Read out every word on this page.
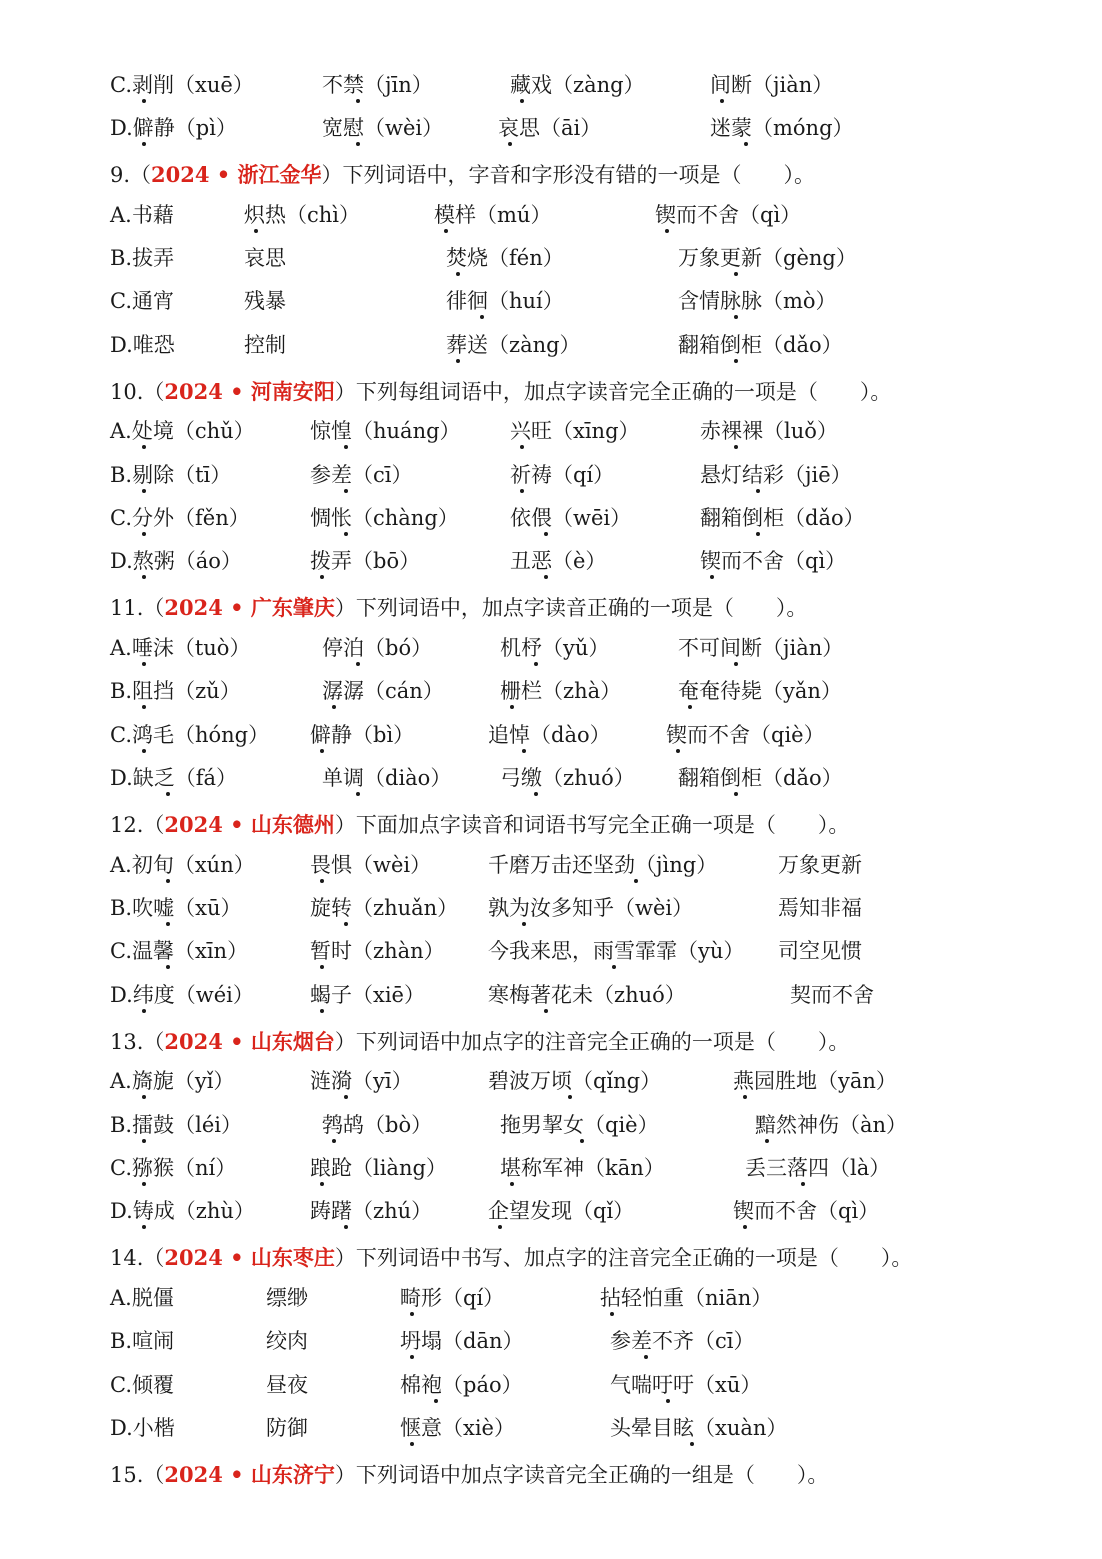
C.剥削（xuē）	不禁（jīn）	藏戏（zàng）	间断（jiàn）
D.僻静（pì）	宽慰（wèi）	哀思（āi）	迷蒙（móng）
9.（2024 • 浙江金华）下列词语中，字音和字形没有错的一项是（　　）。
A.书藉	炽热（chì）	模样（mú）	锲而不舍（qì）
B.拔弄	哀思	焚烧（fén）	万象更新（gèng）
C.通宵	残暴	徘徊（huí）	含情脉脉（mò）
D.唯恐	控制	葬送（zàng）	翻箱倒柜（dǎo）
10.（2024 • 河南安阳）下列每组词语中，加点字读音完全正确的一项是（　　）。
A.处境（chǔ）	惊惶（huáng） 兴旺（xīng）	赤裸裸（luǒ）
B.剔除（tī）	参差（cī）	祈祷（qí）	悬灯结彩（jiē）
C.分外（fěn）	惆怅（chàng） 依偎（wēi）	翻箱倒柜（dǎo）
D.熬粥（áo）	拨弄（bō）	丑恶（è）	锲而不舍（qì）
11.（2024 • 广东肇庆）下列词语中，加点字读音正确的一项是（　　）。
A.唾沫（tuò）	停泊（bó）	机杼（yǔ）	不可间断（jiàn）
B.阻挡（zǔ）	潺潺（cán）	栅栏（zhà）	奄奄待毙（yǎn）
C.鸿毛（hóng） 僻静（bì）	追悼（dào）	锲而不舍（qiè）
D.缺乏（fá）	单调（diào） 弓缴（zhuó） 翻箱倒柜（dǎo）
12.（2024 • 山东德州）下面加点字读音和词语书写完全正确一项是（　　）。
A.初旬（xún）	畏惧（wèi）	千磨万击还坚劲（jìng）	万象更新
B.吹嘘（xū）	旋转（zhuǎn） 孰为汝多知乎（wèi）	焉知非福
C.温馨（xīn）	暂时（zhàn） 今我来思，雨雪霏霏（yù） 司空见惯
D.纬度（wéi）	蝎子（xiē）	寒梅著花未（zhuó）	契而不舍
13.（2024 • 山东烟台）下列词语中加点字的注音完全正确的一项是（　　）。
A.旖旎（yǐ）	涟漪（yī）	碧波万顷（qǐng）	燕园胜地（yān）
B.擂鼓（léi）	鹁鸪（bò）	拖男挈女（qiè）	黯然神伤（àn）
C.猕猴（ní）	踉跄（liàng）	堪称军神（kān）	丢三落四（là）
D.铸成（zhù）	踌躇（zhú）	企望发现（qǐ）	锲而不舍（qì）
14.（2024 • 山东枣庄）下列词语中书写、加点字的注音完全正确的一项是（　　）。
A.脱僵	缥缈	畸形（qí）	拈轻怕重（niān）
B.喧闹	绞肉	坍塌（dān）	参差不齐（cī）
C.倾覆	昼夜	棉袍（páo）	气喘吁吁（xū）
D.小楷	防御	惬意（xiè）	头晕目眩（xuàn）
15.（2024 • 山东济宁）下列词语中加点字读音完全正确的一组是（　　）。
